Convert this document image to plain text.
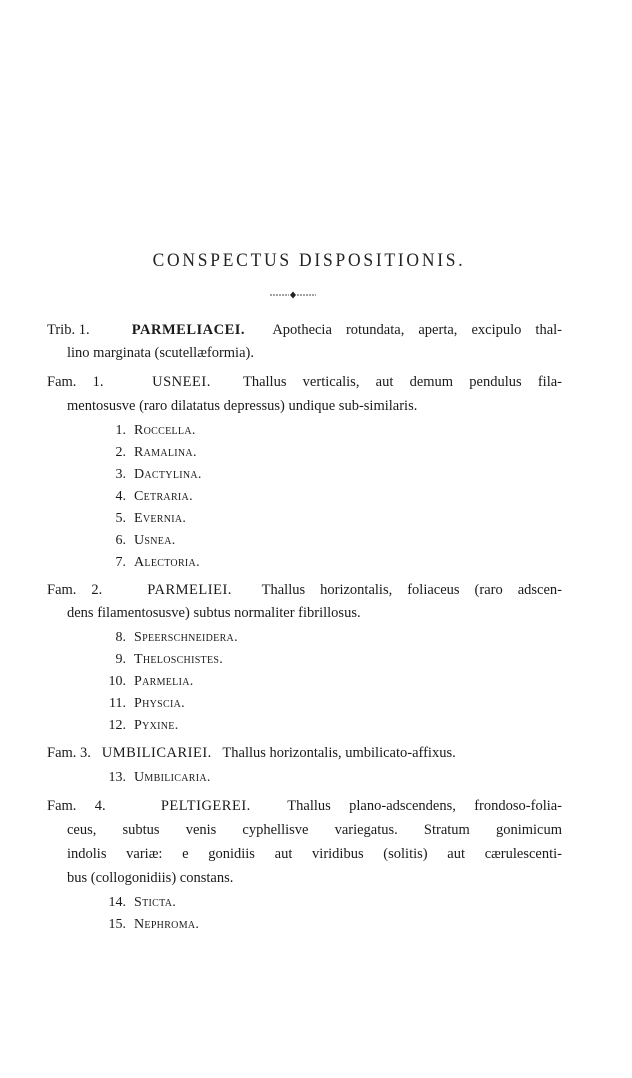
CONSPECTUS DISPOSITIONIS.
Trib. 1.	PARMELIACEI. Apothecia rotundata, aperta, excipulo thal-
lino marginata (scutellæformia).
Fam. 1.	USNEEI. Thallus verticalis, aut demum pendulus fila-
mentosusve (raro dilatatus depressus) undique sub-similaris.
1. Roccella.
2. Ramalina.
3. Dactylina.
4. Cetraria.
5. Evernia.
6. Usnea.
7. Alectoria.
Fam. 2.	PARMELIEI. Thallus horizontalis, foliaceus (raro adscen-
dens filamentosusve) subtus normaliter fibrillosus.
8. Speerschneidera.
9. Theloschistes.
10. Parmelia.
11. Physcia.
12. Pyxine.
Fam. 3. UMBILICARIEI. Thallus horizontalis, umbilicato-affixus.
13. Umbilicaria.
Fam. 4.	PELTIGEREI.	Thallus plano-adscendens, frondoso-folia-
ceus, subtus venis cyphellisve variegatus. Stratum gonimicum
indolis variæ: e gonidiis aut viridibus (solitis) aut cærulescenti-
bus (collogonidiis) constans.
14. Sticta.
15. Nephroma.
